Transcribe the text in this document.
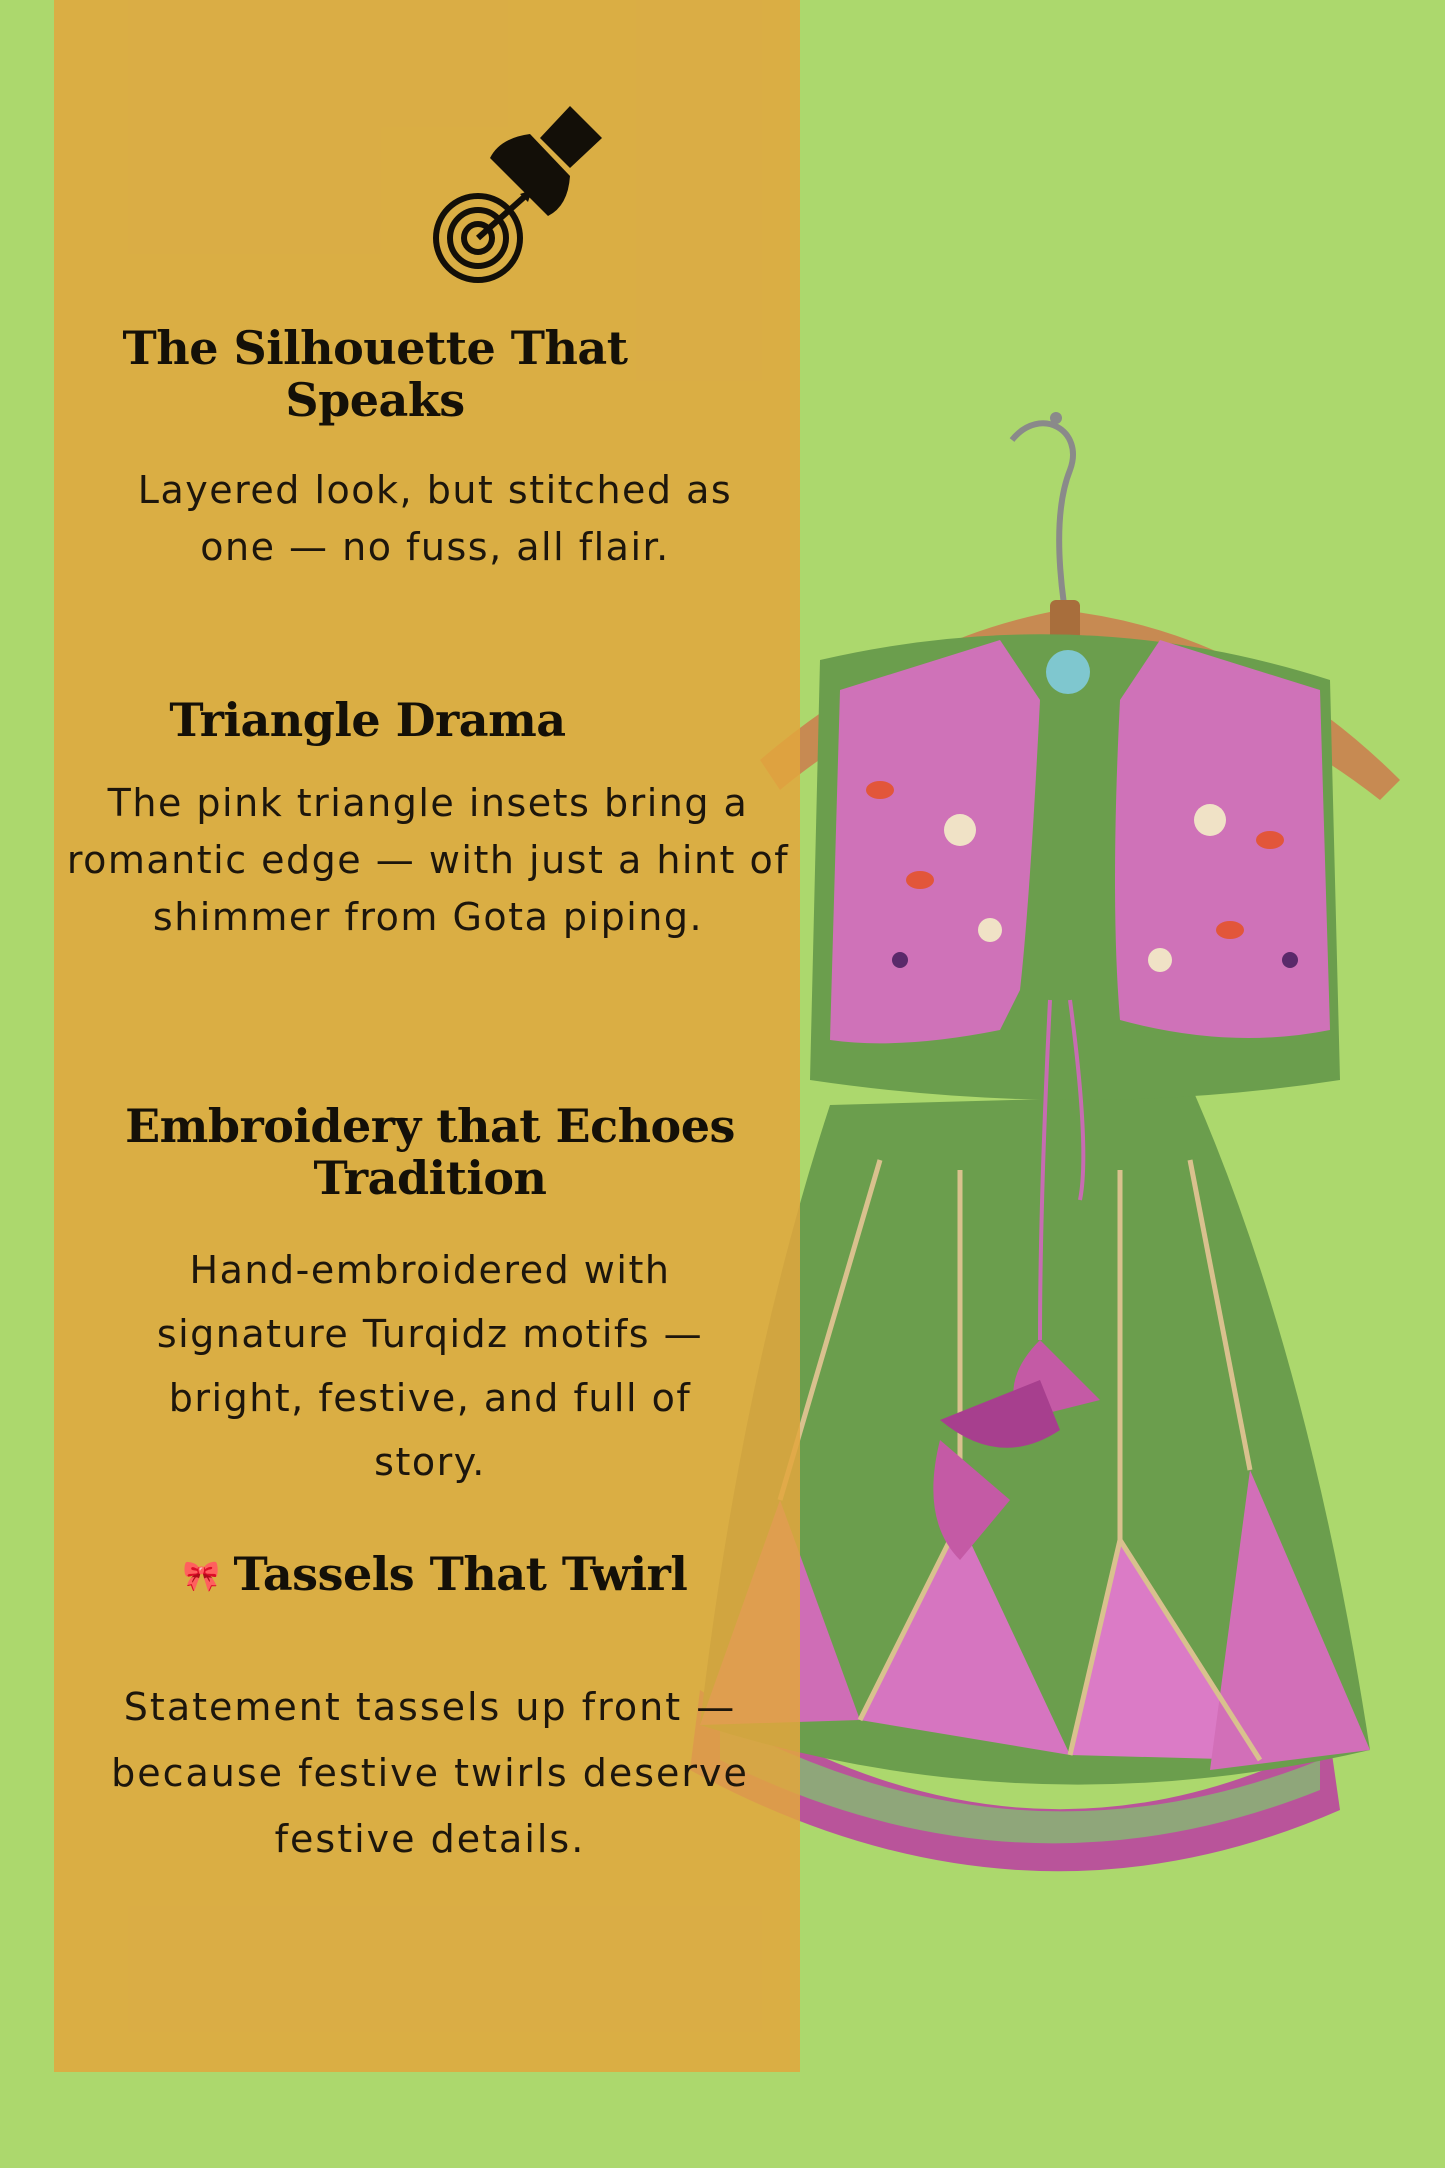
The Silhouette That
Speaks

Layered look, but stitched as
one — no fuss, all flair.

Triangle Drama

The pink triangle insets bring a
romantic edge — with just a hint of
shimmer from Gota piping.

Embroidery that Echoes
Tradition

Hand-embroidered with
signature Turqidz motifs —
bright, festive, and full of
story.

🎀 Tassels That Twirl

Statement tassels up front —
because festive twirls deserve
festive details.
